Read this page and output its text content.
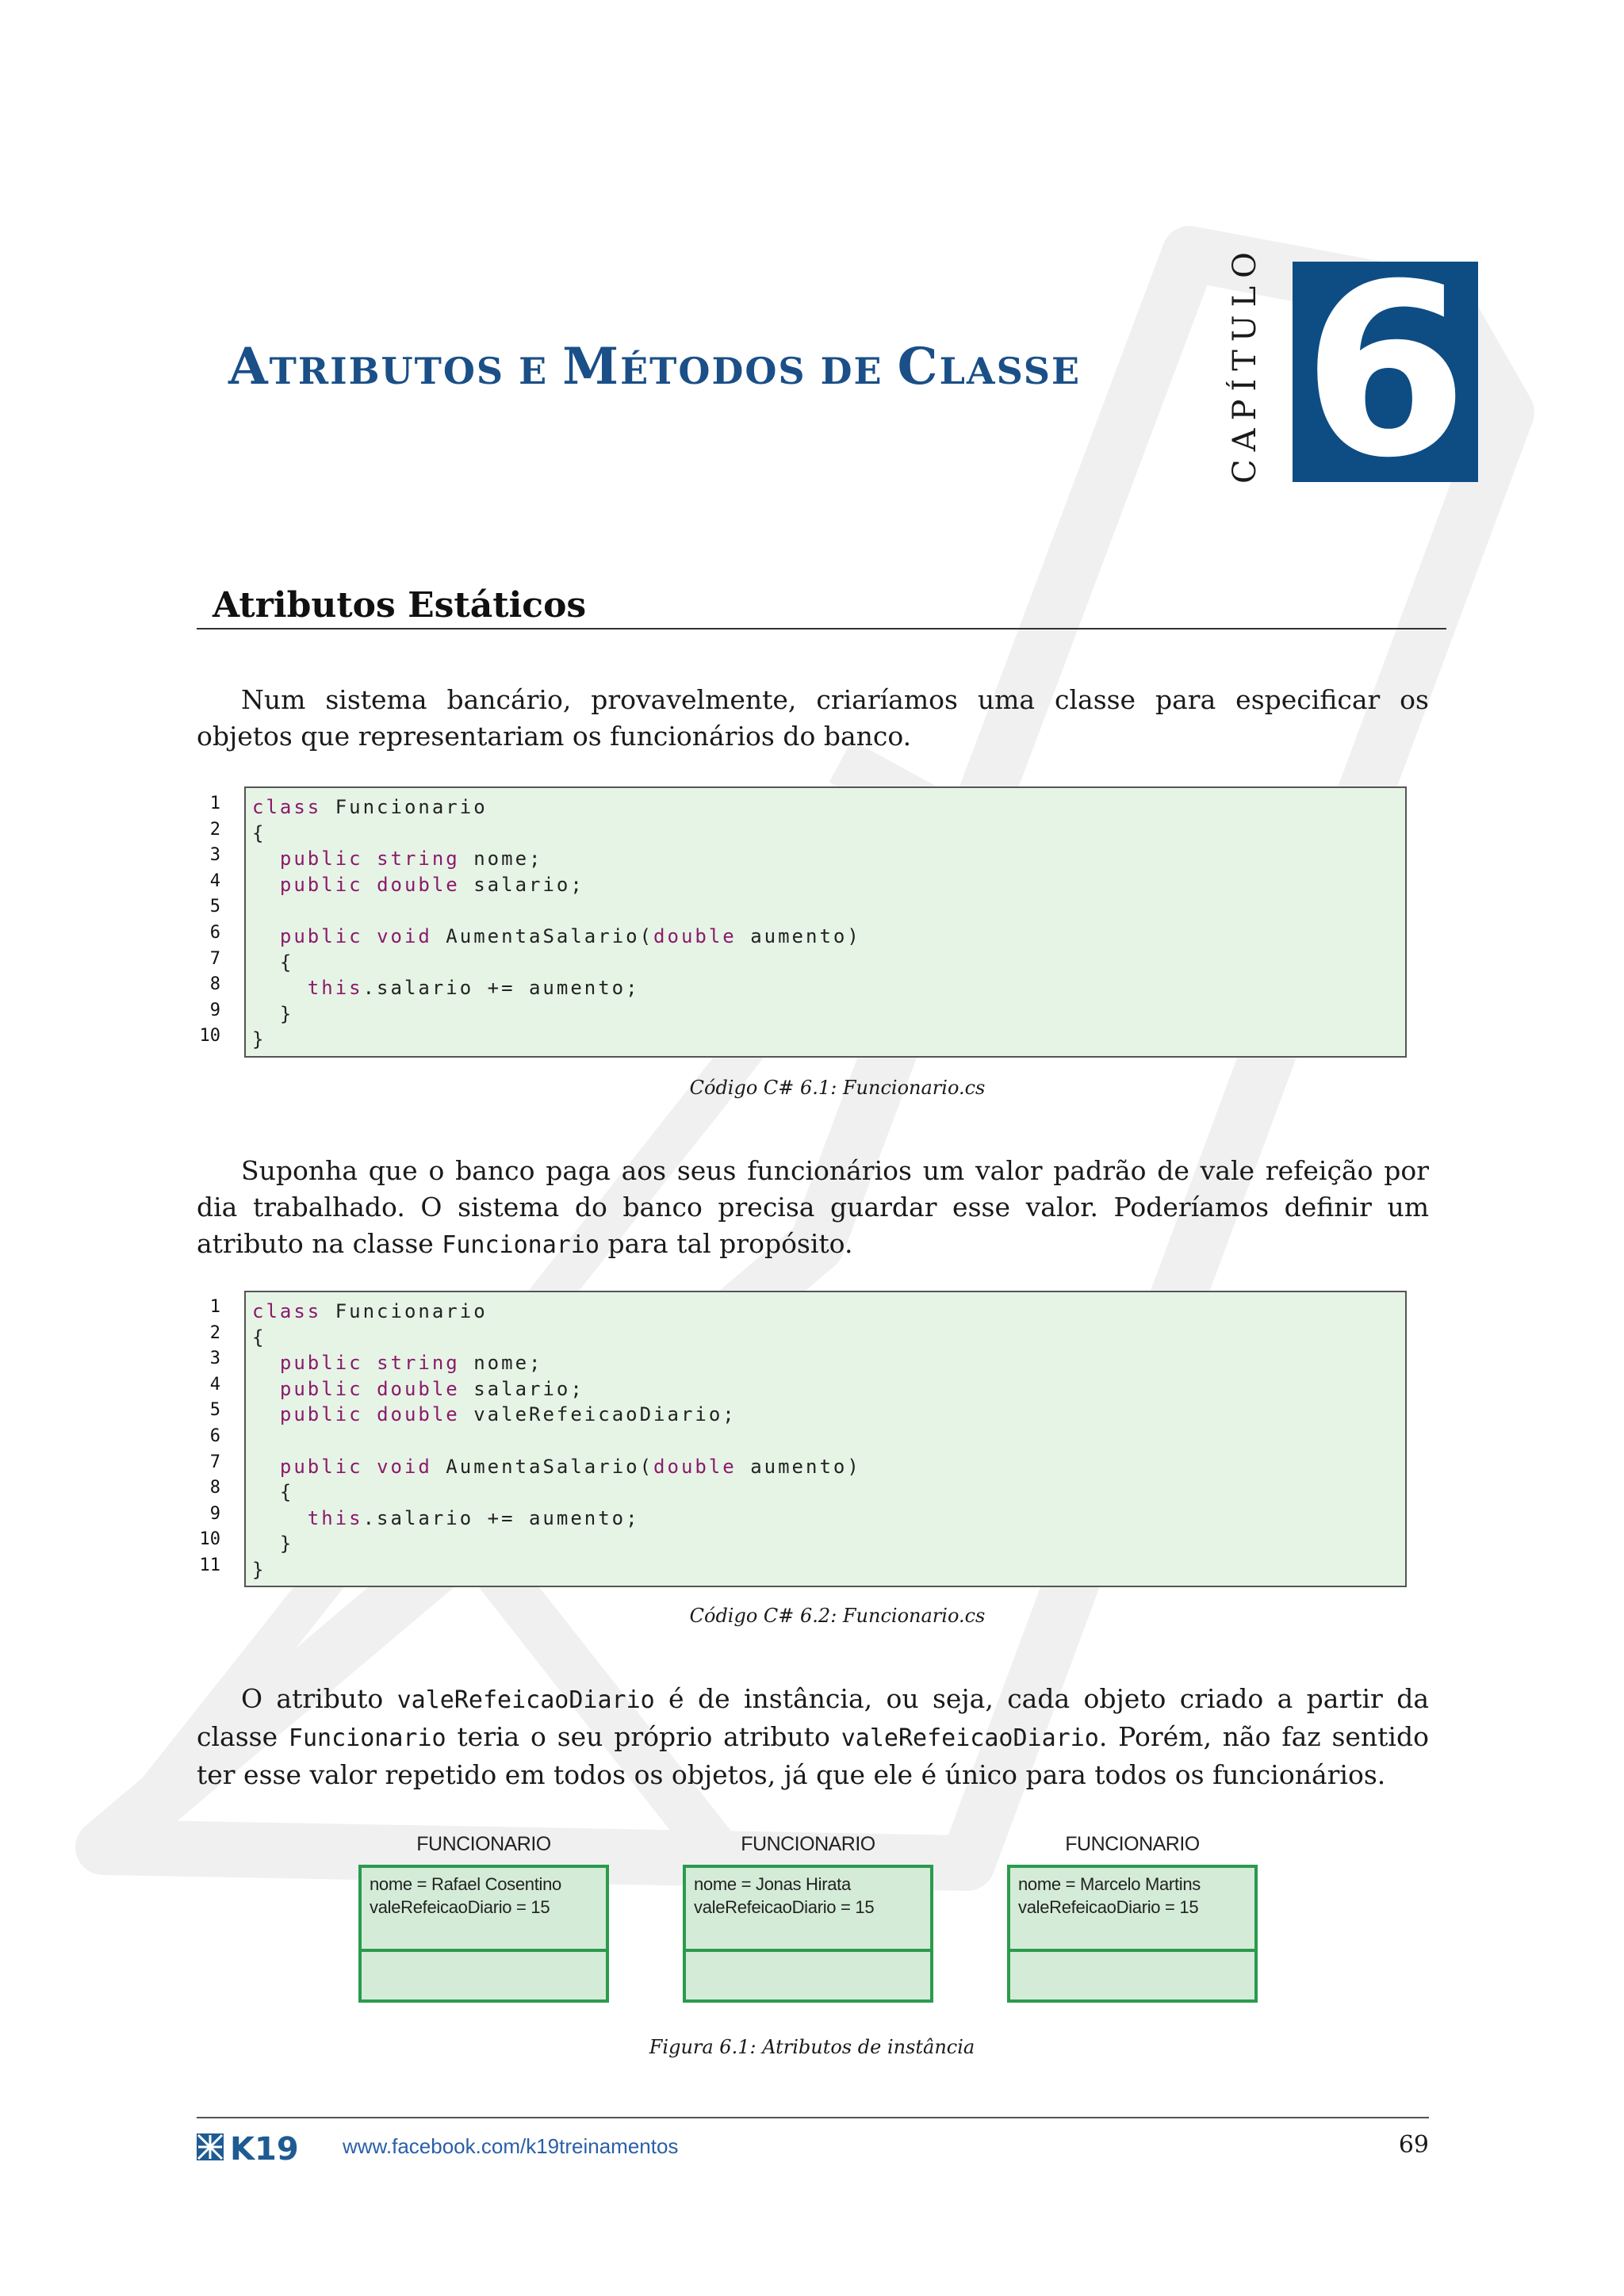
ATRIBUTOS E MÉTODOS DE CLASSE	CAPÍTULO 6
Atributos Estáticos
Num sistema bancário, provavelmente, criaríamos uma classe para especificar os objetos que representariam os funcionários do banco.
1
2
3
4
5
6
7
8
9
10
class Funcionario
{
public string nome;
public double salario;

public void AumentaSalario(double aumento)
{
this.salario += aumento;
}
}
Código C# 6.1: Funcionario.cs
Suponha que o banco paga aos seus funcionários um valor padrão de vale refeição por dia trabalhado. O sistema do banco precisa guardar esse valor. Poderíamos definir um atributo na classe Funcionario para tal propósito.
1
2
3
4
5
6
7
8
9
10
11
class Funcionario
{
public string nome;
public double salario;
public double valeRefeicaoDiario;

public void AumentaSalario(double aumento)
{
this.salario += aumento;
}
}
Código C# 6.2: Funcionario.cs
O atributo valeRefeicaoDiario é de instância, ou seja, cada objeto criado a partir da classe Funcionario teria o seu próprio atributo valeRefeicaoDiario. Porém, não faz sentido ter esse valor repetido em todos os objetos, já que ele é único para todos os funcionários.
FUNCIONARIO
nome = Rafael Cosentino
valeRefeicaoDiario = 15
FUNCIONARIO
nome = Jonas Hirata
valeRefeicaoDiario = 15
FUNCIONARIO
nome = Marcelo Martins
valeRefeicaoDiario = 15
Figura 6.1: Atributos de instância
K19 www.facebook.com/k19treinamentos	69
